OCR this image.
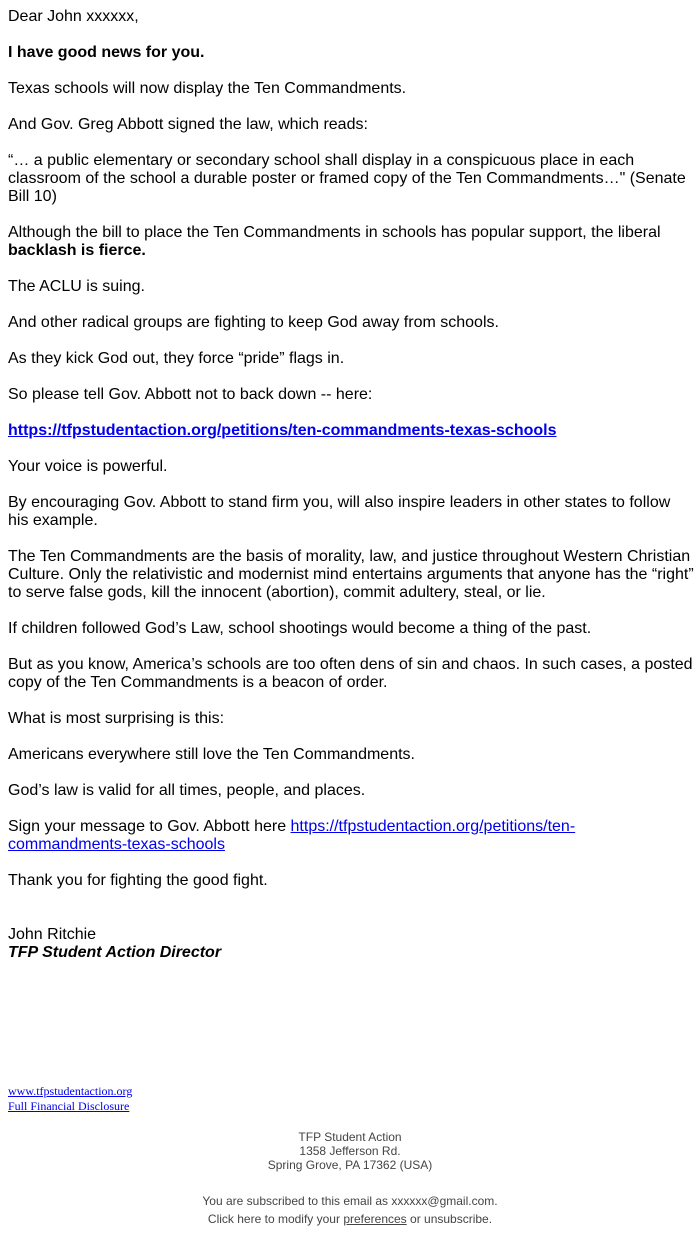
Dear John xxxxxx,

I have good news for you.

Texas schools will now display the Ten Commandments.

And Gov. Greg Abbott signed the law, which reads:

“… a public elementary or secondary school shall display in a conspicuous place in each classroom of the school a durable poster or framed copy of the Ten Commandments…" (Senate Bill 10)

Although the bill to place the Ten Commandments in schools has popular support, the liberal backlash is fierce.

The ACLU is suing.

And other radical groups are fighting to keep God away from schools.

As they kick God out, they force “pride” flags in.

So please tell Gov. Abbott not to back down -- here:

https://tfpstudentaction.org/petitions/ten-commandments-texas-schools

Your voice is powerful.

By encouraging Gov. Abbott to stand firm you, will also inspire leaders in other states to follow his example.

The Ten Commandments are the basis of morality, law, and justice throughout Western Christian Culture. Only the relativistic and modernist mind entertains arguments that anyone has the “right” to serve false gods, kill the innocent (abortion), commit adultery, steal, or lie.

If children followed God’s Law, school shootings would become a thing of the past.

But as you know, America’s schools are too often dens of sin and chaos. In such cases, a posted copy of the Ten Commandments is a beacon of order.

What is most surprising is this:

Americans everywhere still love the Ten Commandments.

God’s law is valid for all times, people, and places.

Sign your message to Gov. Abbott here https://tfpstudentaction.org/petitions/ten-commandments-texas-schools

Thank you for fighting the good fight.

John Ritchie
TFP Student Action Director
www.tfpstudentaction.org
Full Financial Disclosure
TFP Student Action
1358 Jefferson Rd.
Spring Grove, PA 17362 (USA)
You are subscribed to this email as xxxxxx@gmail.com.
Click here to modify your preferences or unsubscribe.
